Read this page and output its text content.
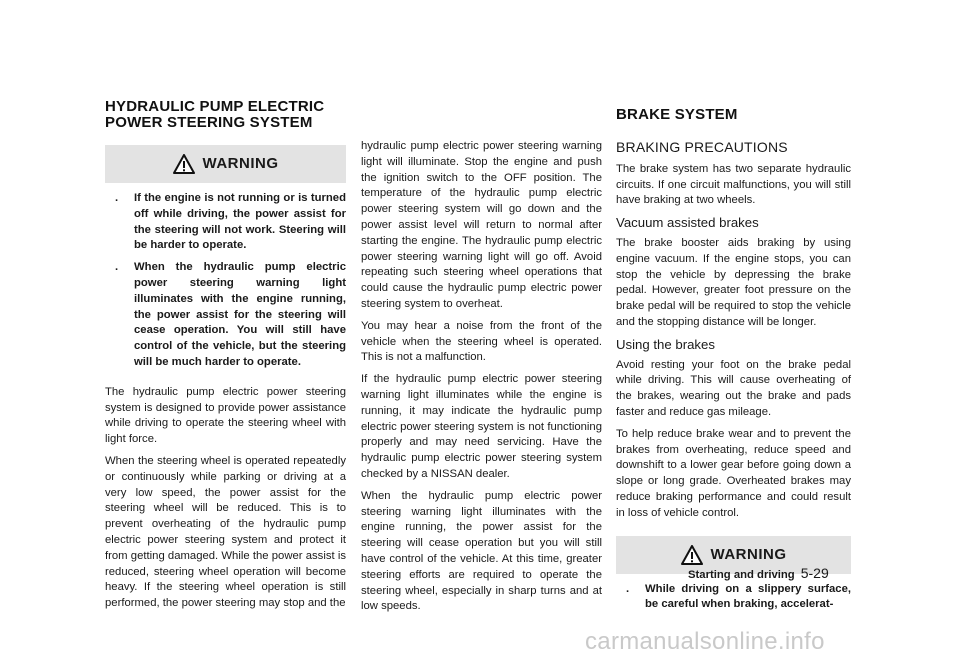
HYDRAULIC PUMP ELECTRIC
POWER STEERING SYSTEM	BRAKE SYSTEM
WARNING
. If the engine is not running or is turned off while driving, the power assist for the steering will not work. Steering will be harder to operate.
. When the hydraulic pump electric power steering warning light illuminates with the engine running, the power assist for the steering will cease operation. You will still have control of the vehicle, but the steering will be much harder to operate.

The hydraulic pump electric power steering system is designed to provide power assistance while driving to operate the steering wheel with light force.

When the steering wheel is operated repeatedly or continuously while parking or driving at a very low speed, the power assist for the steering wheel will be reduced. This is to prevent overheating of the hydraulic pump electric power steering system and protect it from getting damaged. While the power assist is reduced, steering wheel operation will become heavy. If the steering wheel operation is still performed, the power steering may stop and the

hydraulic pump electric power steering warning light will illuminate. Stop the engine and push the ignition switch to the OFF position. The temperature of the hydraulic pump electric power steering system will go down and the power assist level will return to normal after starting the engine. The hydraulic pump electric power steering warning light will go off. Avoid repeating such steering wheel operations that could cause the hydraulic pump electric power steering system to overheat.

You may hear a noise from the front of the vehicle when the steering wheel is operated. This is not a malfunction.

If the hydraulic pump electric power steering warning light illuminates while the engine is running, it may indicate the hydraulic pump electric power steering system is not functioning properly and may need servicing. Have the hydraulic pump electric power steering system checked by a NISSAN dealer.

When the hydraulic pump electric power steering warning light illuminates with the engine running, the power assist for the steering will cease operation but you will still have control of the vehicle. At this time, greater steering efforts are required to operate the steering wheel, especially in sharp turns and at low speeds.

BRAKING PRECAUTIONS

The brake system has two separate hydraulic circuits. If one circuit malfunctions, you will still have braking at two wheels.

Vacuum assisted brakes

The brake booster aids braking by using engine vacuum. If the engine stops, you can stop the vehicle by depressing the brake pedal. However, greater foot pressure on the brake pedal will be required to stop the vehicle and the stopping distance will be longer.

Using the brakes

Avoid resting your foot on the brake pedal while driving. This will cause overheating of the brakes, wearing out the brake and pads faster and reduce gas mileage.

To help reduce brake wear and to prevent the brakes from overheating, reduce speed and downshift to a lower gear before going down a slope or long grade. Overheated brakes may reduce braking performance and could result in loss of vehicle control.

WARNING
. While driving on a slippery surface, be careful when braking, accelerat-
Starting and driving 5-29
carmanualsonline.info
